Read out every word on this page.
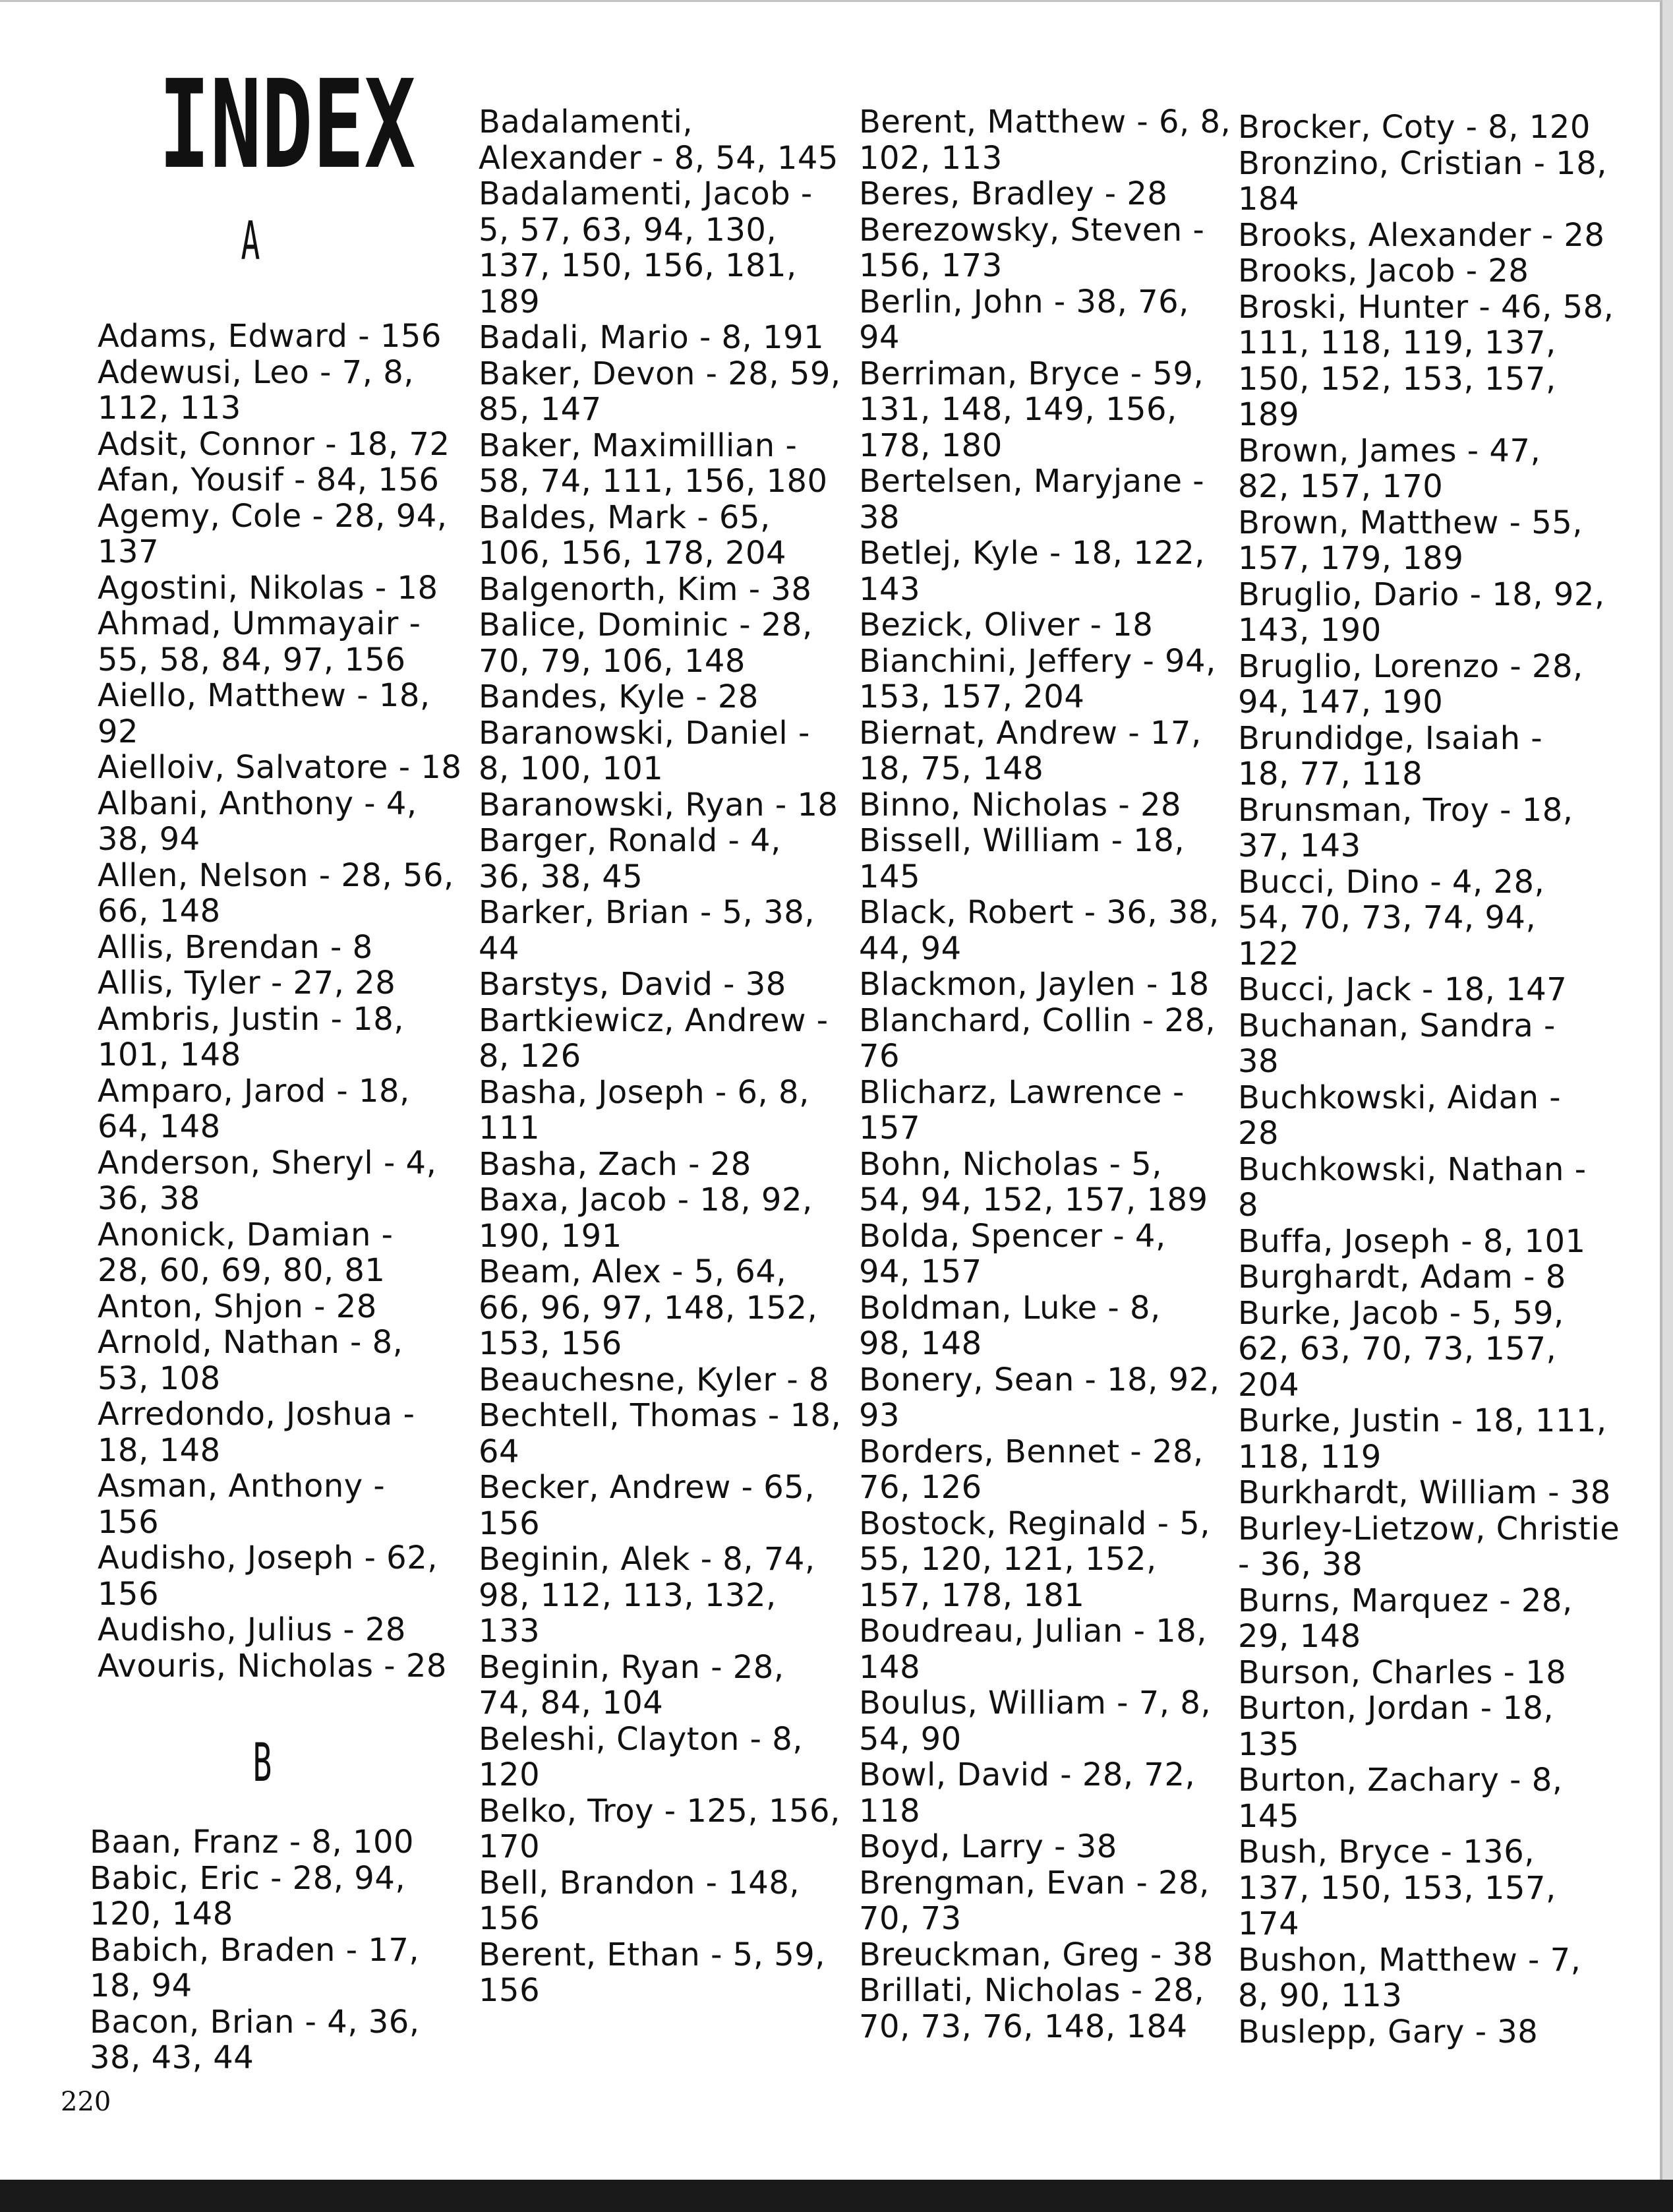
INDEX
A
Adams, Edward - 156
Adewusi, Leo - 7, 8,
112, 113
Adsit, Connor - 18, 72
Afan, Yousif - 84, 156
Agemy, Cole - 28, 94,
137
Agostini, Nikolas - 18
Ahmad, Ummayair -
55, 58, 84, 97, 156
Aiello, Matthew - 18,
92
Aielloiv, Salvatore - 18
Albani, Anthony - 4,
38, 94
Allen, Nelson - 28, 56,
66, 148
Allis, Brendan - 8
Allis, Tyler - 27, 28
Ambris, Justin - 18,
101, 148
Amparo, Jarod - 18,
64, 148
Anderson, Sheryl - 4,
36, 38
Anonick, Damian -
28, 60, 69, 80, 81
Anton, Shjon - 28
Arnold, Nathan - 8,
53, 108
Arredondo, Joshua -
18, 148
Asman, Anthony -
156
Audisho, Joseph - 62,
156
Audisho, Julius - 28
Avouris, Nicholas - 28
B
Baan, Franz - 8, 100
Babic, Eric - 28, 94,
120, 148
Babich, Braden - 17,
18, 94
Bacon, Brian - 4, 36,
38, 43, 44
Badalamenti,
Alexander - 8, 54, 145
Badalamenti, Jacob -
5, 57, 63, 94, 130,
137, 150, 156, 181,
189
Badali, Mario - 8, 191
Baker, Devon - 28, 59,
85, 147
Baker, Maximillian -
58, 74, 111, 156, 180
Baldes, Mark - 65,
106, 156, 178, 204
Balgenorth, Kim - 38
Balice, Dominic - 28,
70, 79, 106, 148
Bandes, Kyle - 28
Baranowski, Daniel -
8, 100, 101
Baranowski, Ryan - 18
Barger, Ronald - 4,
36, 38, 45
Barker, Brian - 5, 38,
44
Barstys, David - 38
Bartkiewicz, Andrew -
8, 126
Basha, Joseph - 6, 8,
111
Basha, Zach - 28
Baxa, Jacob - 18, 92,
190, 191
Beam, Alex - 5, 64,
66, 96, 97, 148, 152,
153, 156
Beauchesne, Kyler - 8
Bechtell, Thomas - 18,
64
Becker, Andrew - 65,
156
Beginin, Alek - 8, 74,
98, 112, 113, 132,
133
Beginin, Ryan - 28,
74, 84, 104
Beleshi, Clayton - 8,
120
Belko, Troy - 125, 156,
170
Bell, Brandon - 148,
156
Berent, Ethan - 5, 59,
156
Berent, Matthew - 6, 8,
102, 113
Beres, Bradley - 28
Berezowsky, Steven -
156, 173
Berlin, John - 38, 76,
94
Berriman, Bryce - 59,
131, 148, 149, 156,
178, 180
Bertelsen, Maryjane -
38
Betlej, Kyle - 18, 122,
143
Bezick, Oliver - 18
Bianchini, Jeffery - 94,
153, 157, 204
Biernat, Andrew - 17,
18, 75, 148
Binno, Nicholas - 28
Bissell, William - 18,
145
Black, Robert - 36, 38,
44, 94
Blackmon, Jaylen - 18
Blanchard, Collin - 28,
76
Blicharz, Lawrence -
157
Bohn, Nicholas - 5,
54, 94, 152, 157, 189
Bolda, Spencer - 4,
94, 157
Boldman, Luke - 8,
98, 148
Bonery, Sean - 18, 92,
93
Borders, Bennet - 28,
76, 126
Bostock, Reginald - 5,
55, 120, 121, 152,
157, 178, 181
Boudreau, Julian - 18,
148
Boulus, William - 7, 8,
54, 90
Bowl, David - 28, 72,
118
Boyd, Larry - 38
Brengman, Evan - 28,
70, 73
Breuckman, Greg - 38
Brillati, Nicholas - 28,
70, 73, 76, 148, 184
Brocker, Coty - 8, 120
Bronzino, Cristian - 18,
184
Brooks, Alexander - 28
Brooks, Jacob - 28
Broski, Hunter - 46, 58,
111, 118, 119, 137,
150, 152, 153, 157,
189
Brown, James - 47,
82, 157, 170
Brown, Matthew - 55,
157, 179, 189
Bruglio, Dario - 18, 92,
143, 190
Bruglio, Lorenzo - 28,
94, 147, 190
Brundidge, Isaiah -
18, 77, 118
Brunsman, Troy - 18,
37, 143
Bucci, Dino - 4, 28,
54, 70, 73, 74, 94,
122
Bucci, Jack - 18, 147
Buchanan, Sandra -
38
Buchkowski, Aidan -
28
Buchkowski, Nathan -
8
Buffa, Joseph - 8, 101
Burghardt, Adam - 8
Burke, Jacob - 5, 59,
62, 63, 70, 73, 157,
204
Burke, Justin - 18, 111,
118, 119
Burkhardt, William - 38
Burley-Lietzow, Christie
- 36, 38
Burns, Marquez - 28,
29, 148
Burson, Charles - 18
Burton, Jordan - 18,
135
Burton, Zachary - 8,
145
Bush, Bryce - 136,
137, 150, 153, 157,
174
Bushon, Matthew - 7,
8, 90, 113
Buslepp, Gary - 38
220
